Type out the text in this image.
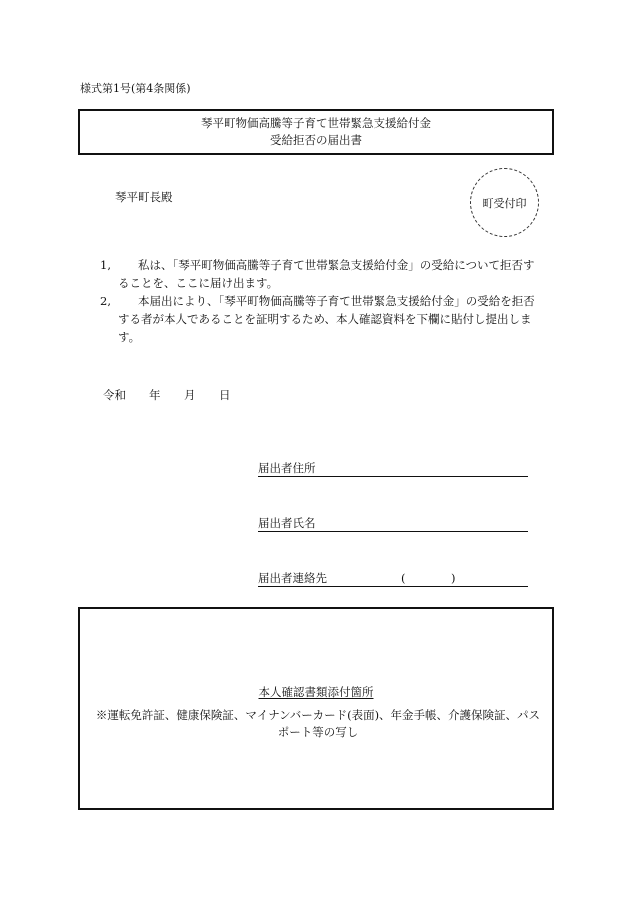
様式第1号(第4条関係)
琴平町物価高騰等子育て世帯緊急支援給付金
受給拒否の届出書
琴平町長殿	町受付印
1,	私は、「琴平町物価高騰等子育て世帯緊急支援給付金」の受給について拒否することを、ここに届け出ます。
2,	本届出により、「琴平町物価高騰等子育て世帯緊急支援給付金」の受給を拒否する者が本人であることを証明するため、本人確認資料を下欄に貼付し提出します。
令和 年 月 日
届出者住所
届出者氏名
届出者連絡先	(	)
本人確認書類添付箇所
※運転免許証、健康保険証、マイナンバーカード(表面)、年金手帳、介護保険証、パスポート等の写し
